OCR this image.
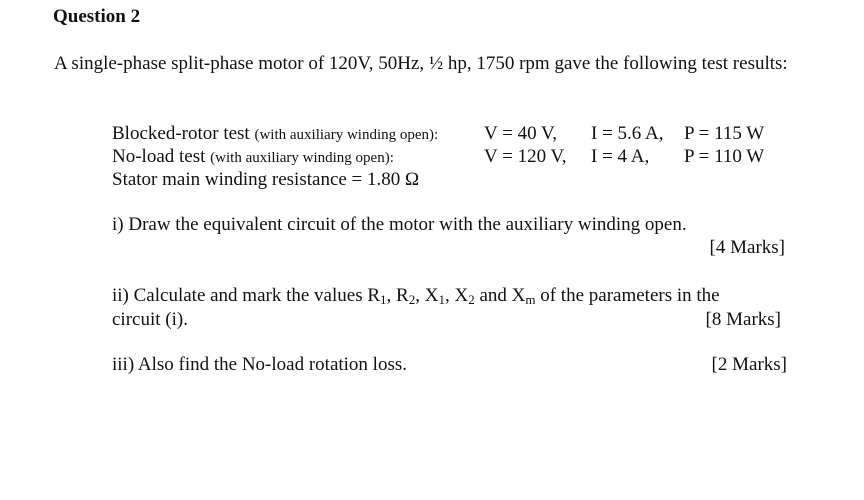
Question 2
A single-phase split-phase motor of 120V, 50Hz, ½ hp, 1750 rpm gave the following test results:
Blocked-rotor test (with auxiliary winding open): V = 40 V, I = 5.6 A, P = 115 W
No-load test (with auxiliary winding open):	V = 120 V, I = 4 A, P = 110 W
Stator main winding resistance = 1.80 Ω
i) Draw the equivalent circuit of the motor with the auxiliary winding open.
[4 Marks]
ii) Calculate and mark the values $R_1$, $R_2$, $X_1$, $X_2$ and $X_m$ of the parameters in the
circuit (i).	[8 Marks]
iii) Also find the No-load rotation loss.	[2 Marks]
